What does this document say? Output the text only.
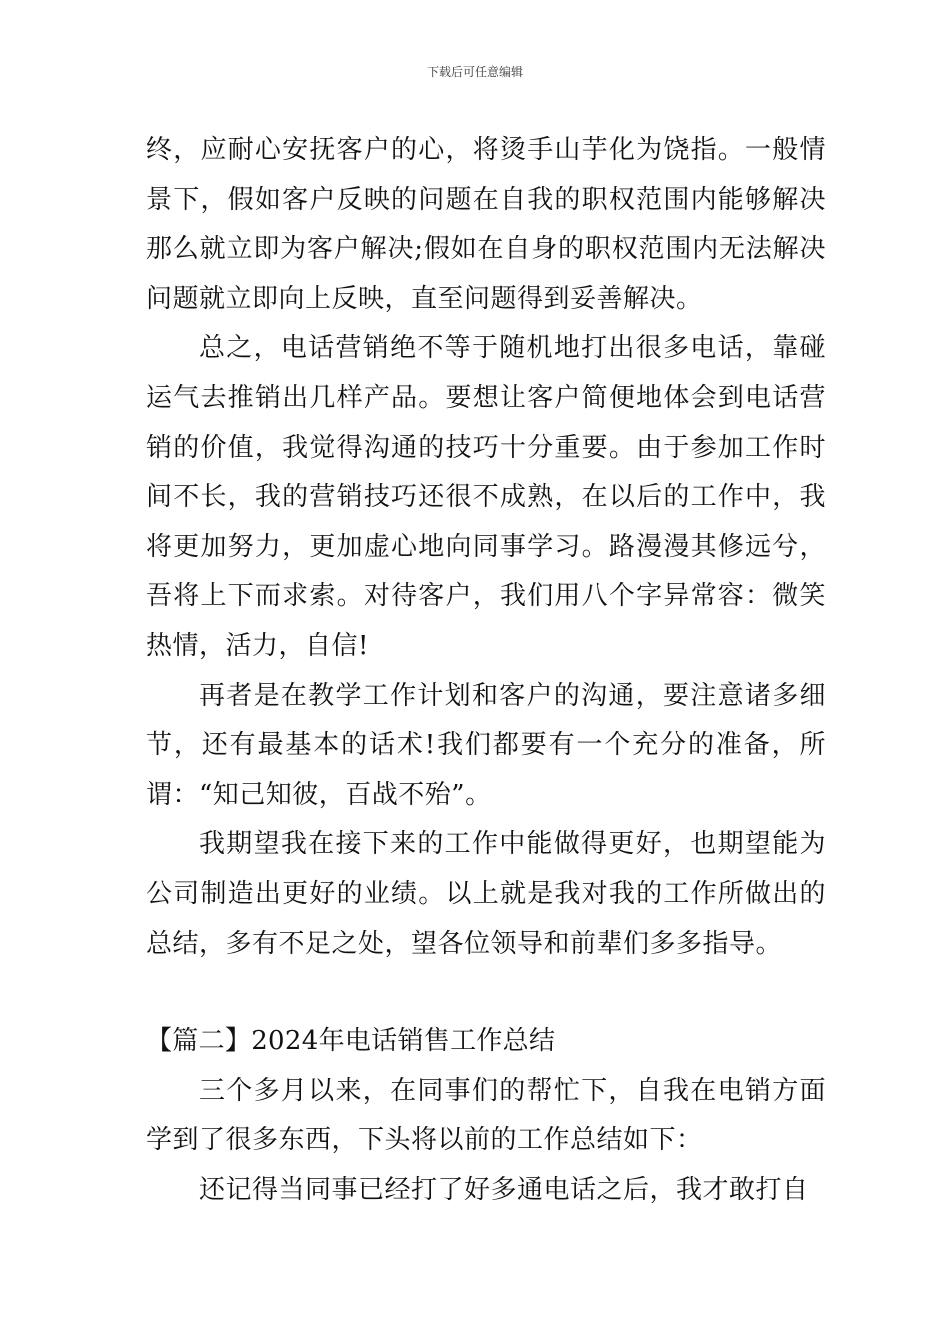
下载后可任意编辑

终，应耐心安抚客户的心，将烫手山芋化为饶指。一般情景下，假如客户反映的问题在自我的职权范围内能够解决那么就立即为客户解决;假如在自身的职权范围内无法解决问题就立即向上反映，直至问题得到妥善解决。

总之，电话营销绝不等于随机地打出很多电话，靠碰运气去推销出几样产品。要想让客户简便地体会到电话营销的价值，我觉得沟通的技巧十分重要。由于参加工作时间不长，我的营销技巧还很不成熟，在以后的工作中，我将更加努力，更加虚心地向同事学习。路漫漫其修远兮，吾将上下而求索。对待客户，我们用八个字异常容：微笑热情，活力，自信!

再者是在教学工作计划和客户的沟通，要注意诸多细节，还有最基本的话术!我们都要有一个充分的准备，所谓：“知己知彼，百战不殆”。

我期望我在接下来的工作中能做得更好，也期望能为公司制造出更好的业绩。以上就是我对我的工作所做出的总结，多有不足之处，望各位领导和前辈们多多指导。

【篇二】2024年电话销售工作总结

三个多月以来，在同事们的帮忙下，自我在电销方面学到了很多东西，下头将以前的工作总结如下：

还记得当同事已经打了好多通电话之后，我才敢打自
